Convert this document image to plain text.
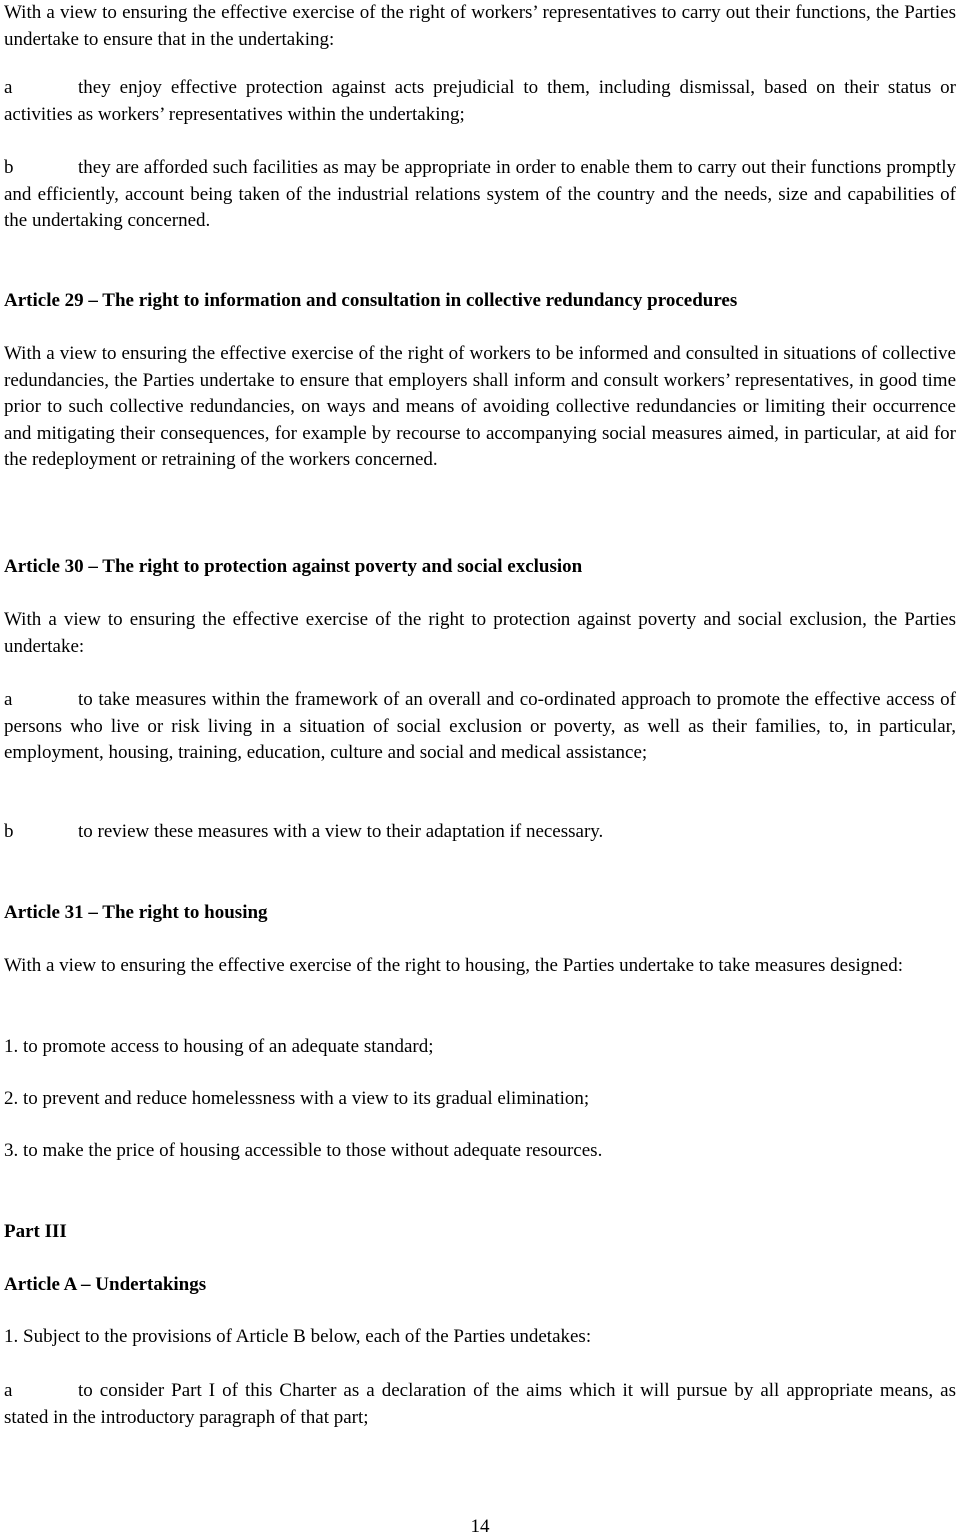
With a view to ensuring the effective exercise of the right of workers’ representatives to carry out their functions, the Parties undertake to ensure that in the undertaking:

a	they enjoy effective protection against acts prejudicial to them, including dismissal, based on their status or activities as workers’ representatives within the undertaking;

b	they are afforded such facilities as may be appropriate in order to enable them to carry out their functions promptly and efficiently, account being taken of the industrial relations system of the country and the needs, size and capabilities of the undertaking concerned.

Article 29 – The right to information and consultation in collective redundancy procedures

With a view to ensuring the effective exercise of the right of workers to be informed and consulted in situations of collective redundancies, the Parties undertake to ensure that employers shall inform and consult workers’ representatives, in good time prior to such collective redundancies, on ways and means of avoiding collective redundancies or limiting their occurrence and mitigating their consequences, for example by recourse to accompanying social measures aimed, in particular, at aid for the redeployment or retraining of the workers concerned.

Article 30 – The right to protection against poverty and social exclusion

With a view to ensuring the effective exercise of the right to protection against poverty and social exclusion, the Parties undertake:

a	to take measures within the framework of an overall and co-ordinated approach to promote the effective access of persons who live or risk living in a situation of social exclusion or poverty, as well as their families, to, in particular, employment, housing, training, education, culture and social and medical assistance;

b	to review these measures with a view to their adaptation if necessary.

Article 31 – The right to housing

With a view to ensuring the effective exercise of the right to housing, the Parties undertake to take measures designed:

1. to promote access to housing of an adequate standard;

2. to prevent and reduce homelessness with a view to its gradual elimination;

3. to make the price of housing accessible to those without adequate resources.

Part III

Article A – Undertakings

1. Subject to the provisions of Article B below, each of the Parties undetakes:

a	to consider Part I of this Charter as a declaration of the aims which it will pursue by all appropriate means, as stated in the introductory paragraph of that part;

14
